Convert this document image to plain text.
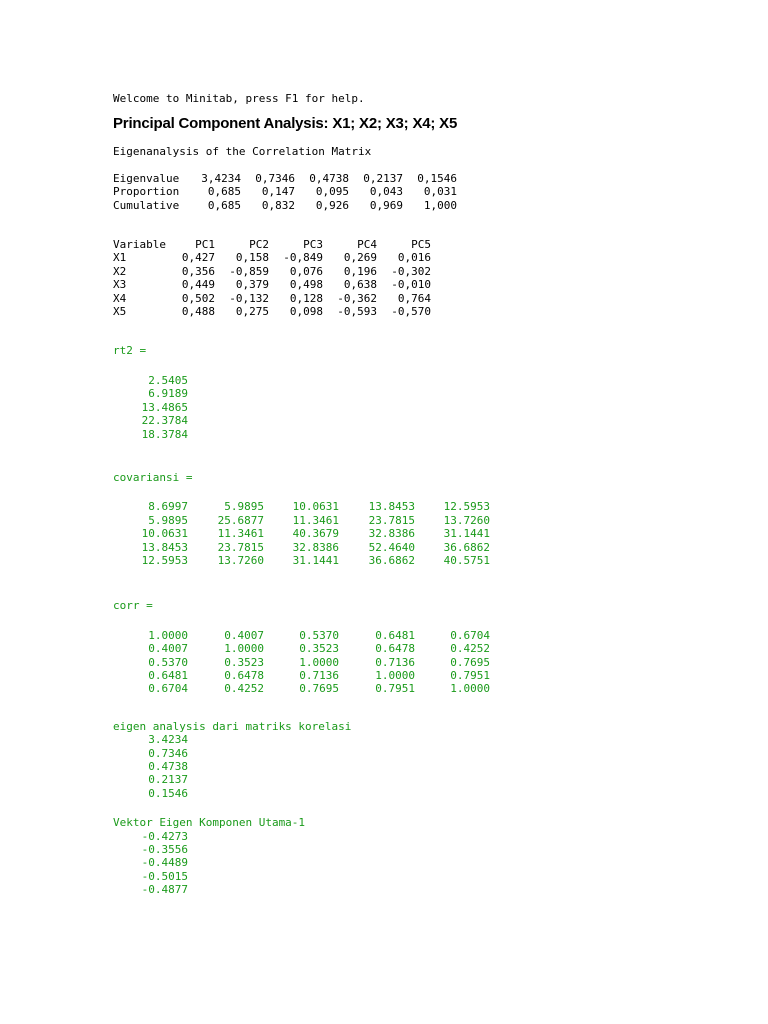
Welcome to Minitab, press F1 for help.
Principal Component Analysis: X1; X2; X3; X4; X5
Eigenanalysis of the Correlation Matrix
Eigenvalue	3,4234	0,7346	0,4738	0,2137	0,1546
Proportion	0,685	0,147	0,095	0,043	0,031
Cumulative	0,685	0,832	0,926	0,969	1,000
Variable	PC1	PC2	PC3	PC4	PC5
X1	0,427	0,158	-0,849	0,269	0,016
X2	0,356	-0,859	0,076	0,196	-0,302
X3	0,449	0,379	0,498	0,638	-0,010
X4	0,502	-0,132	0,128	-0,362	0,764
X5	0,488	0,275	0,098	-0,593	-0,570
rt2 =
2.5405
6.9189
13.4865
22.3784
18.3784
covariansi =
8.6997	5.9895	10.0631	13.8453	12.5953
5.9895	25.6877	11.3461	23.7815	13.7260
10.0631	11.3461	40.3679	32.8386	31.1441
13.8453	23.7815	32.8386	52.4640	36.6862
12.5953	13.7260	31.1441	36.6862	40.5751
corr =
1.0000	0.4007	0.5370	0.6481	0.6704
0.4007	1.0000	0.3523	0.6478	0.4252
0.5370	0.3523	1.0000	0.7136	0.7695
0.6481	0.6478	0.7136	1.0000	0.7951
0.6704	0.4252	0.7695	0.7951	1.0000
eigen analysis dari matriks korelasi
3.4234
0.7346
0.4738
0.2137
0.1546
Vektor Eigen Komponen Utama-1
-0.4273
-0.3556
-0.4489
-0.5015
-0.4877
